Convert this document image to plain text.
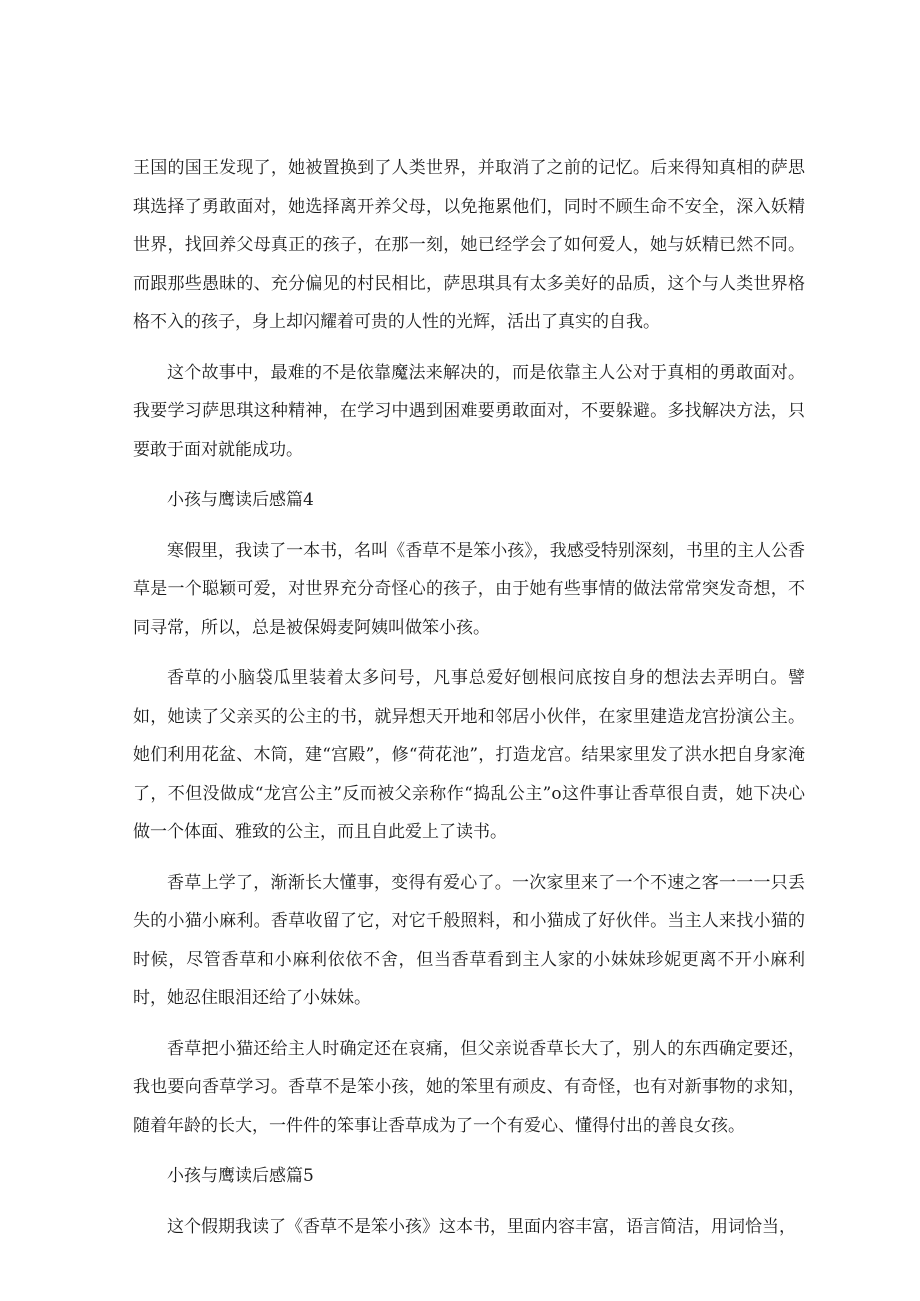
王国的国王发现了，她被置换到了人类世界，并取消了之前的记忆。后来得知真相的萨思琪选择了勇敢面对，她选择离开养父母，以免拖累他们，同时不顾生命不安全，深入妖精世界，找回养父母真正的孩子，在那一刻，她已经学会了如何爱人，她与妖精已然不同。而跟那些愚昧的、充分偏见的村民相比，萨思琪具有太多美好的品质，这个与人类世界格格不入的孩子，身上却闪耀着可贵的人性的光辉，活出了真实的自我。

这个故事中，最难的不是依靠魔法来解决的，而是依靠主人公对于真相的勇敢面对。我要学习萨思琪这种精神，在学习中遇到困难要勇敢面对，不要躲避。多找解决方法，只要敢于面对就能成功。

小孩与鹰读后感篇4

寒假里，我读了一本书，名叫《香草不是笨小孩》，我感受特别深刻，书里的主人公香草是一个聪颖可爱，对世界充分奇怪心的孩子，由于她有些事情的做法常常突发奇想，不同寻常，所以，总是被保姆麦阿姨叫做笨小孩。

香草的小脑袋瓜里装着太多问号，凡事总爱好刨根问底按自身的想法去弄明白。譬如，她读了父亲买的公主的书，就异想天开地和邻居小伙伴，在家里建造龙宫扮演公主。她们利用花盆、木筒，建“宫殿”，修“荷花池”，打造龙宫。结果家里发了洪水把自身家淹了，不但没做成“龙宫公主”反而被父亲称作“捣乱公主”o这件事让香草很自责，她下决心做一个体面、雅致的公主，而且自此爱上了读书。

香草上学了，渐渐长大懂事，变得有爱心了。一次家里来了一个不速之客一一一只丢失的小猫小麻利。香草收留了它，对它千般照料，和小猫成了好伙伴。当主人来找小猫的时候，尽管香草和小麻利依依不舍，但当香草看到主人家的小妹妹珍妮更离不开小麻利时，她忍住眼泪还给了小妹妹。

香草把小猫还给主人时确定还在哀痛，但父亲说香草长大了，别人的东西确定要还，我也要向香草学习。香草不是笨小孩，她的笨里有顽皮、有奇怪，也有对新事物的求知，随着年龄的长大，一件件的笨事让香草成为了一个有爱心、懂得付出的善良女孩。

小孩与鹰读后感篇5

这个假期我读了《香草不是笨小孩》这本书，里面内容丰富，语言简洁，用词恰当，
